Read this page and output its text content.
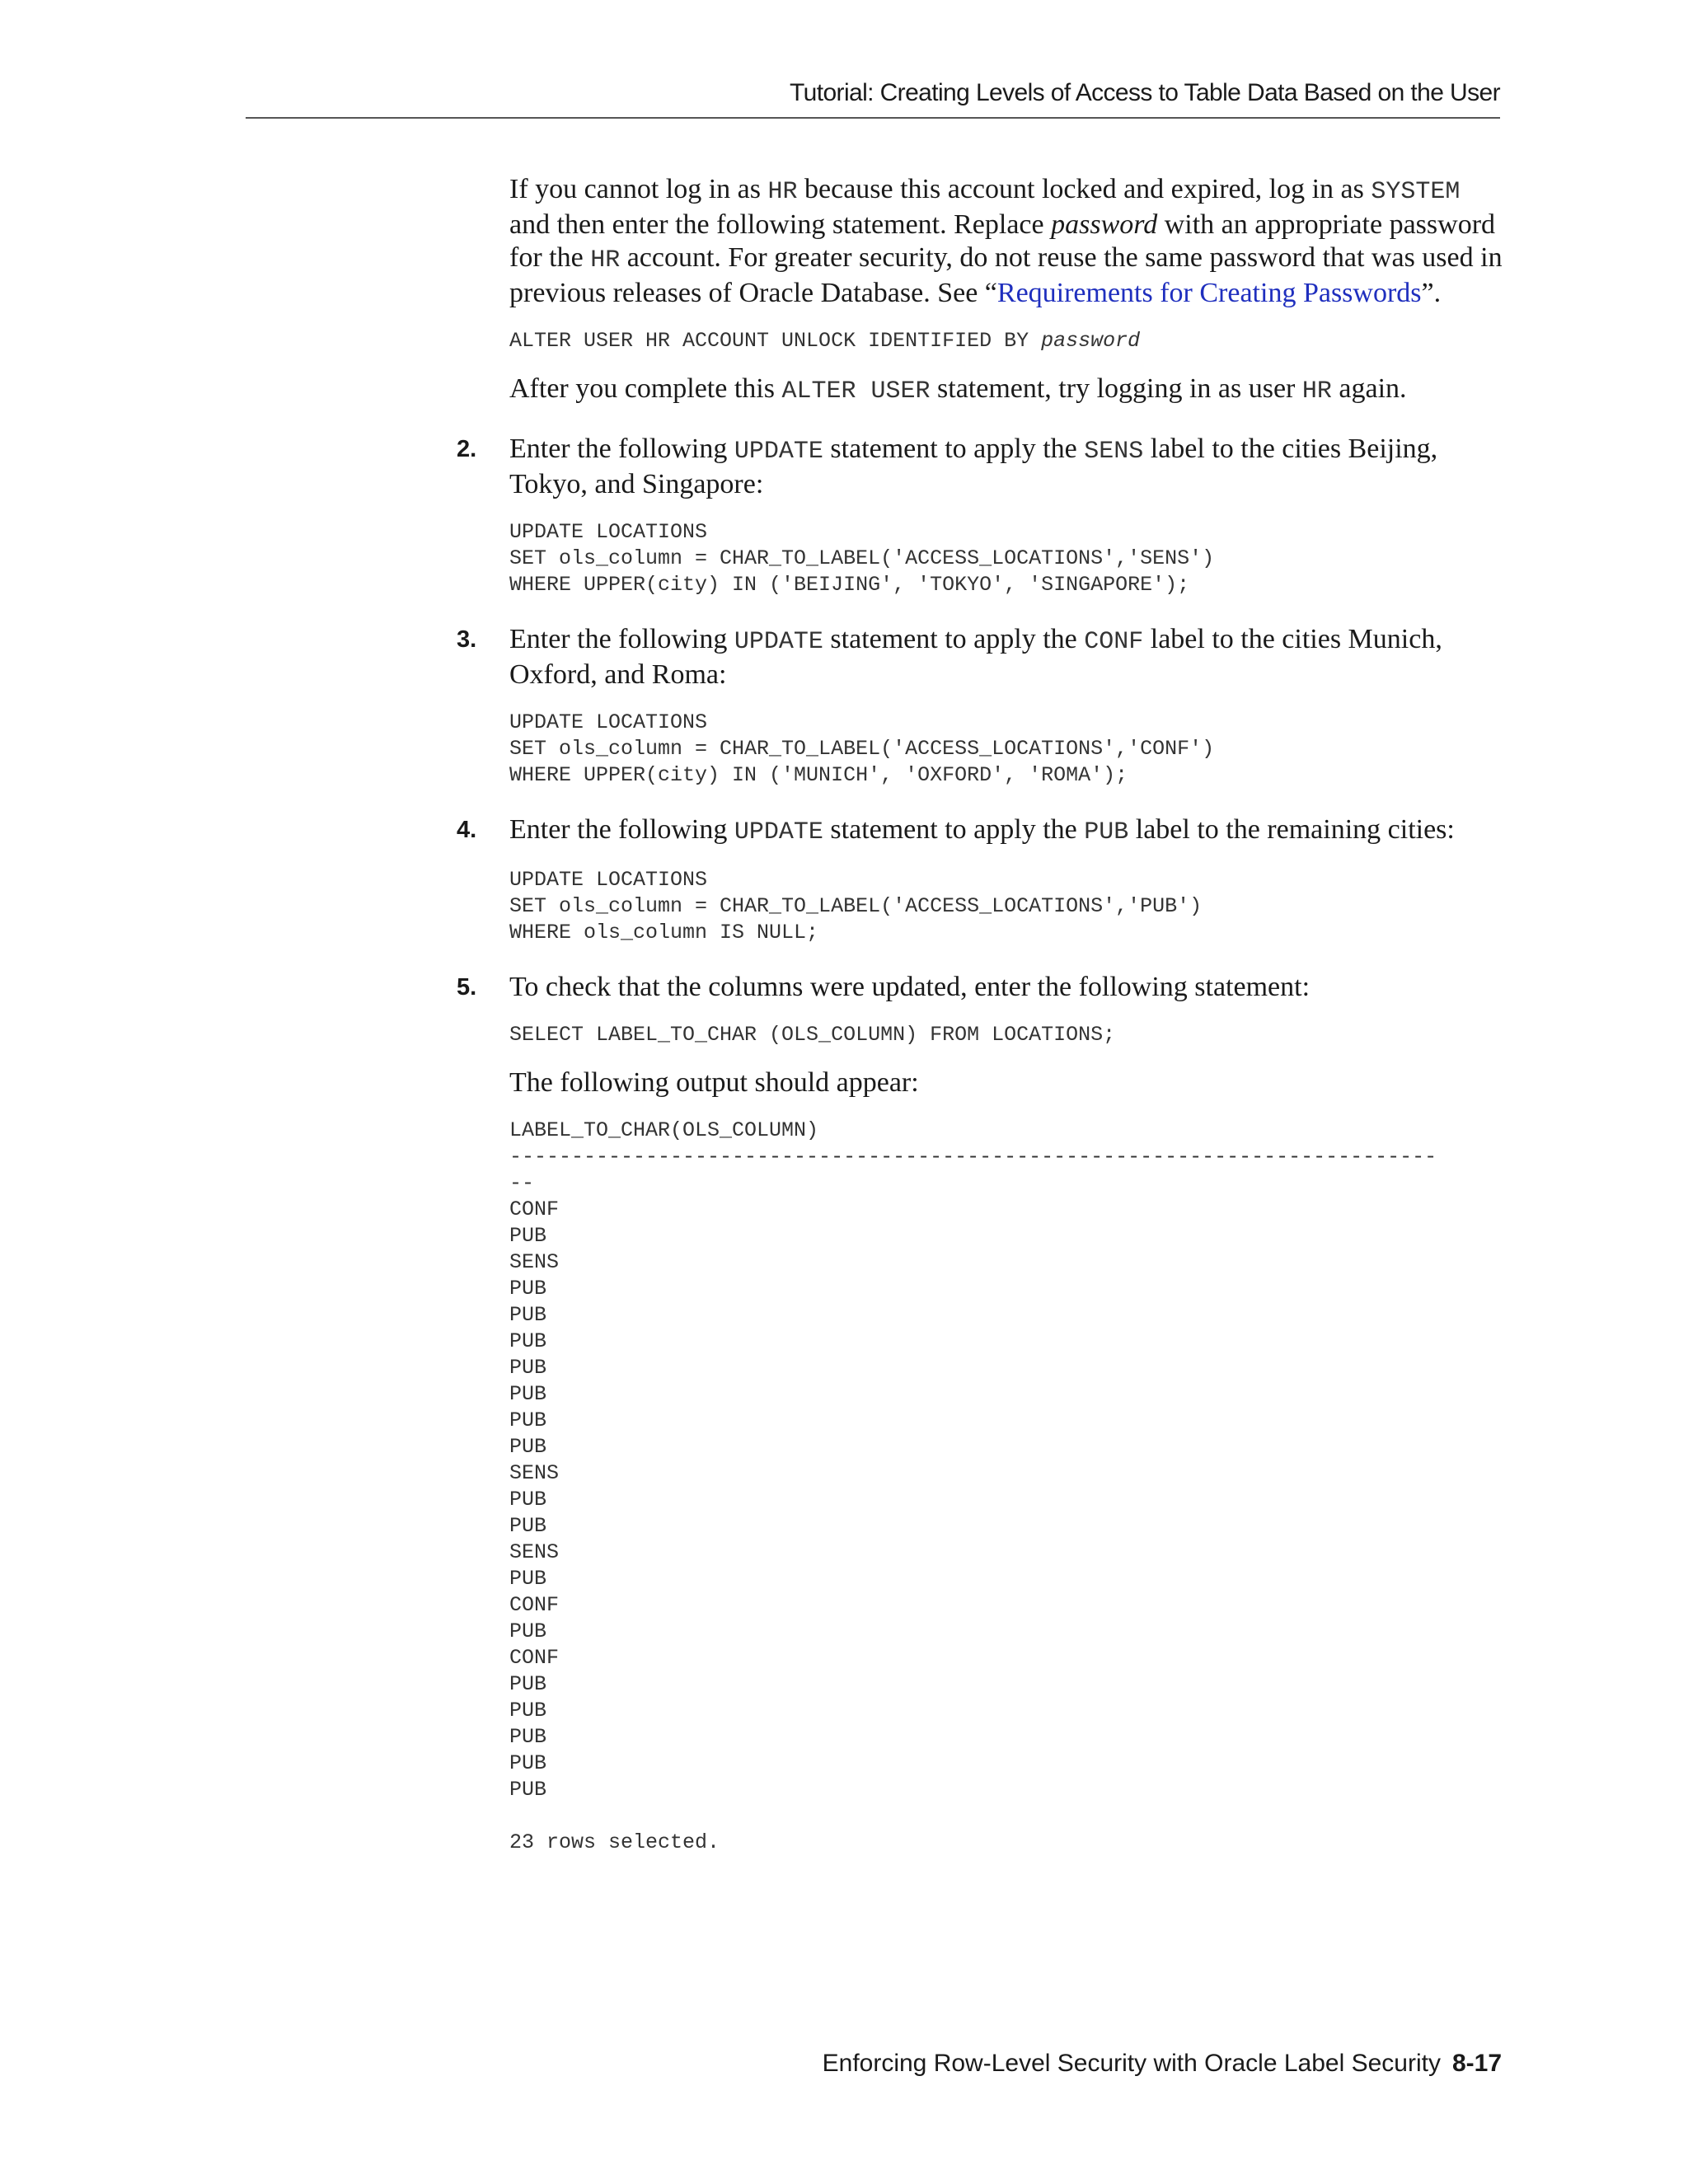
Tutorial: Creating Levels of Access to Table Data Based on the User

If you cannot log in as HR because this account locked and expired, log in as SYSTEM and then enter the following statement. Replace password with an appropriate password for the HR account. For greater security, do not reuse the same password that was used in previous releases of Oracle Database. See “Requirements for Creating Passwords”.

ALTER USER HR ACCOUNT UNLOCK IDENTIFIED BY password

After you complete this ALTER USER statement, try logging in as user HR again.

2. Enter the following UPDATE statement to apply the SENS label to the cities Beijing, Tokyo, and Singapore:

UPDATE LOCATIONS
SET ols_column = CHAR_TO_LABEL('ACCESS_LOCATIONS','SENS')
WHERE UPPER(city) IN ('BEIJING', 'TOKYO', 'SINGAPORE');
3. Enter the following UPDATE statement to apply the CONF label to the cities Munich, Oxford, and Roma:

UPDATE LOCATIONS
SET ols_column = CHAR_TO_LABEL('ACCESS_LOCATIONS','CONF')
WHERE UPPER(city) IN ('MUNICH', 'OXFORD', 'ROMA');
4. Enter the following UPDATE statement to apply the PUB label to the remaining cities:

UPDATE LOCATIONS
SET ols_column = CHAR_TO_LABEL('ACCESS_LOCATIONS','PUB')
WHERE ols_column IS NULL;
5. To check that the columns were updated, enter the following statement:

SELECT LABEL_TO_CHAR (OLS_COLUMN) FROM LOCATIONS;

The following output should appear:

LABEL_TO_CHAR(OLS_COLUMN)
---------------------------------------------------------------------------
--
CONF
PUB
SENS
PUB
PUB
PUB
PUB
PUB
PUB
PUB
SENS
PUB
PUB
SENS
PUB
CONF
PUB
CONF
PUB
PUB
PUB
PUB
PUB
23 rows selected.
Enforcing Row-Level Security with Oracle Label Security 8-17
